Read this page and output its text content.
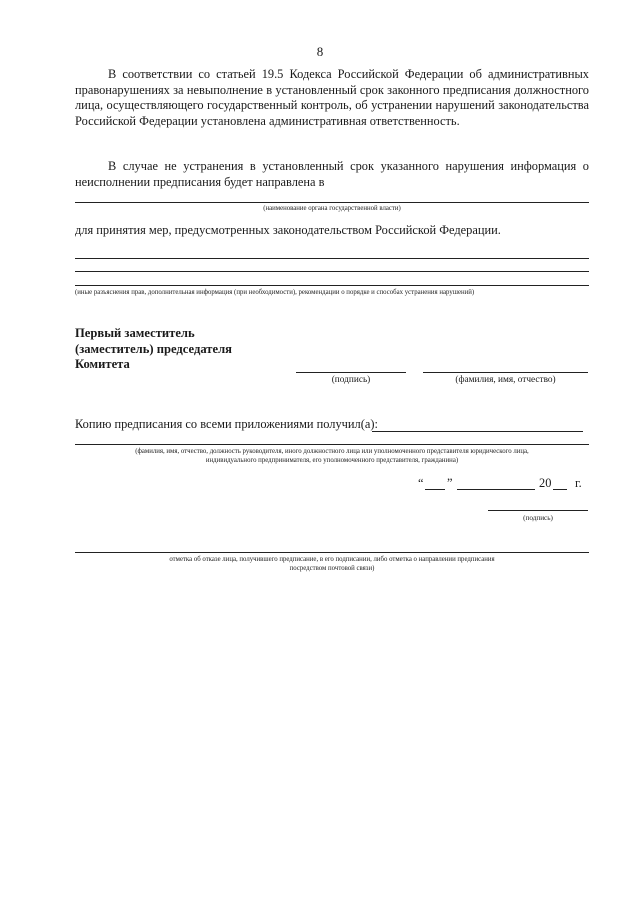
8
В соответствии со статьей 19.5 Кодекса Российской Федерации об административных правонарушениях за невыполнение в установленный срок законного предписания должностного лица, осуществляющего государственный контроль, об устранении нарушений законодательства Российской Федерации установлена административная ответственность.
В случае не устранения в установленный срок указанного нарушения информация о неисполнении предписания будет направлена в
(наименование органа государственной власти)
для принятия мер, предусмотренных законодательством Российской Федерации.
(иные разъяснения прав, дополнительная информация (при необходимости), рекомендации о порядке и способах устранения нарушений)
Первый заместитель
(заместитель) председателя
Комитета
(подпись)	(фамилия, имя, отчество)
Копию предписания со всеми приложениями получил(а):
(фамилия, имя, отчество, должность руководителя, иного должностного лица или уполномоченного представителя юридического лица,
индивидуального предпринимателя, его уполномоченного представителя, гражданина)
“ ”	20 г.
(подпись)
отметка об отказе лица, получившего предписание, в его подписании, либо отметка о направлении предписания
посредством почтовой связи)
